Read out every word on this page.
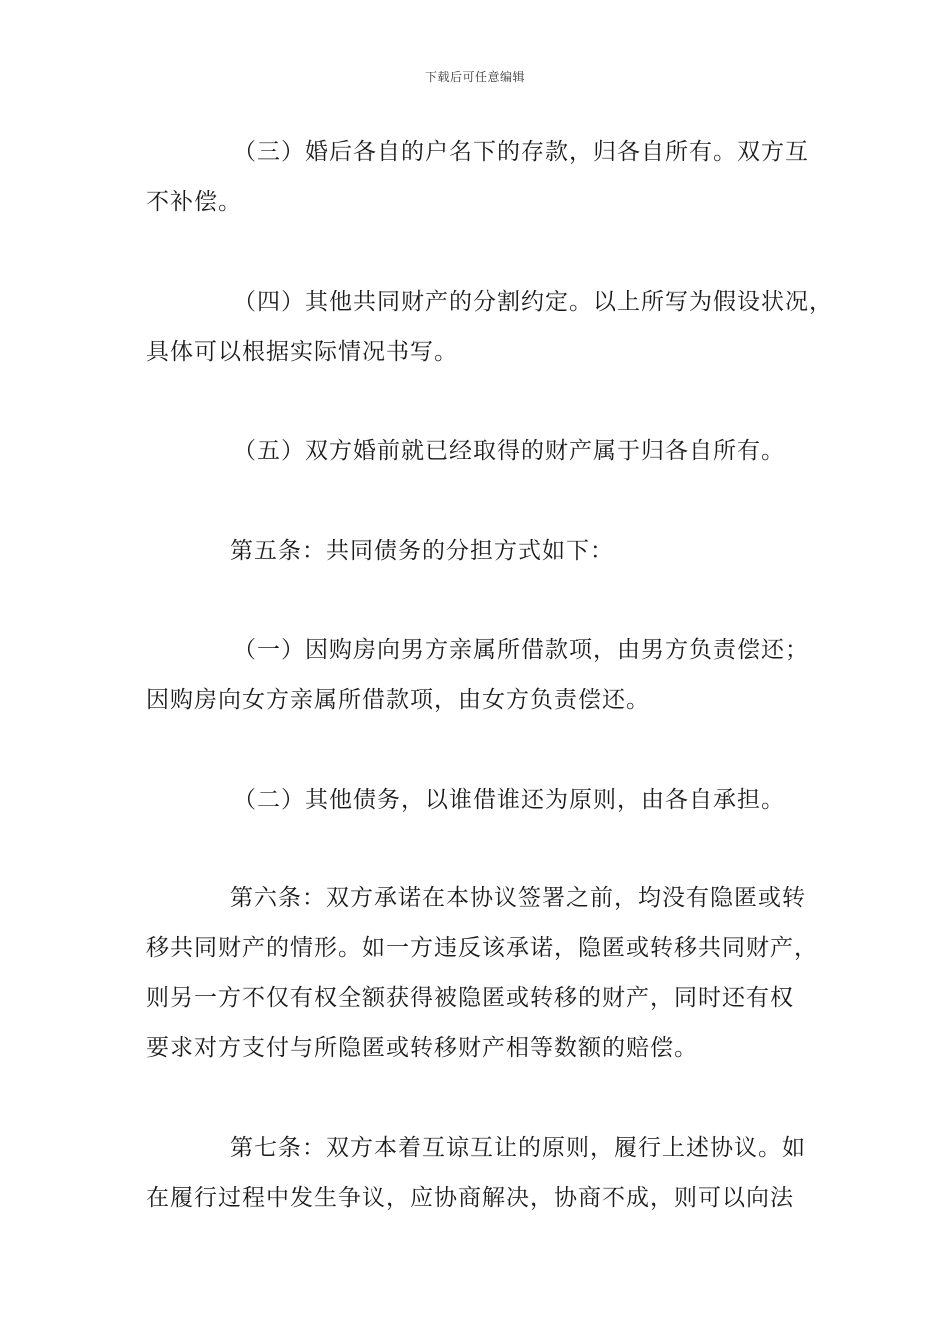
下载后可任意编辑
（三）婚后各自的户名下的存款，归各自所有。双方互
不补偿。
（四）其他共同财产的分割约定。以上所写为假设状况，
具体可以根据实际情况书写。
（五）双方婚前就已经取得的财产属于归各自所有。
第五条：共同债务的分担方式如下：
（一）因购房向男方亲属所借款项，由男方负责偿还；
因购房向女方亲属所借款项，由女方负责偿还。
（二）其他债务，以谁借谁还为原则，由各自承担。
第六条：双方承诺在本协议签署之前，均没有隐匿或转
移共同财产的情形。如一方违反该承诺，隐匿或转移共同财产，
则另一方不仅有权全额获得被隐匿或转移的财产，同时还有权
要求对方支付与所隐匿或转移财产相等数额的赔偿。
第七条：双方本着互谅互让的原则，履行上述协议。如
在履行过程中发生争议，应协商解决，协商不成，则可以向法
